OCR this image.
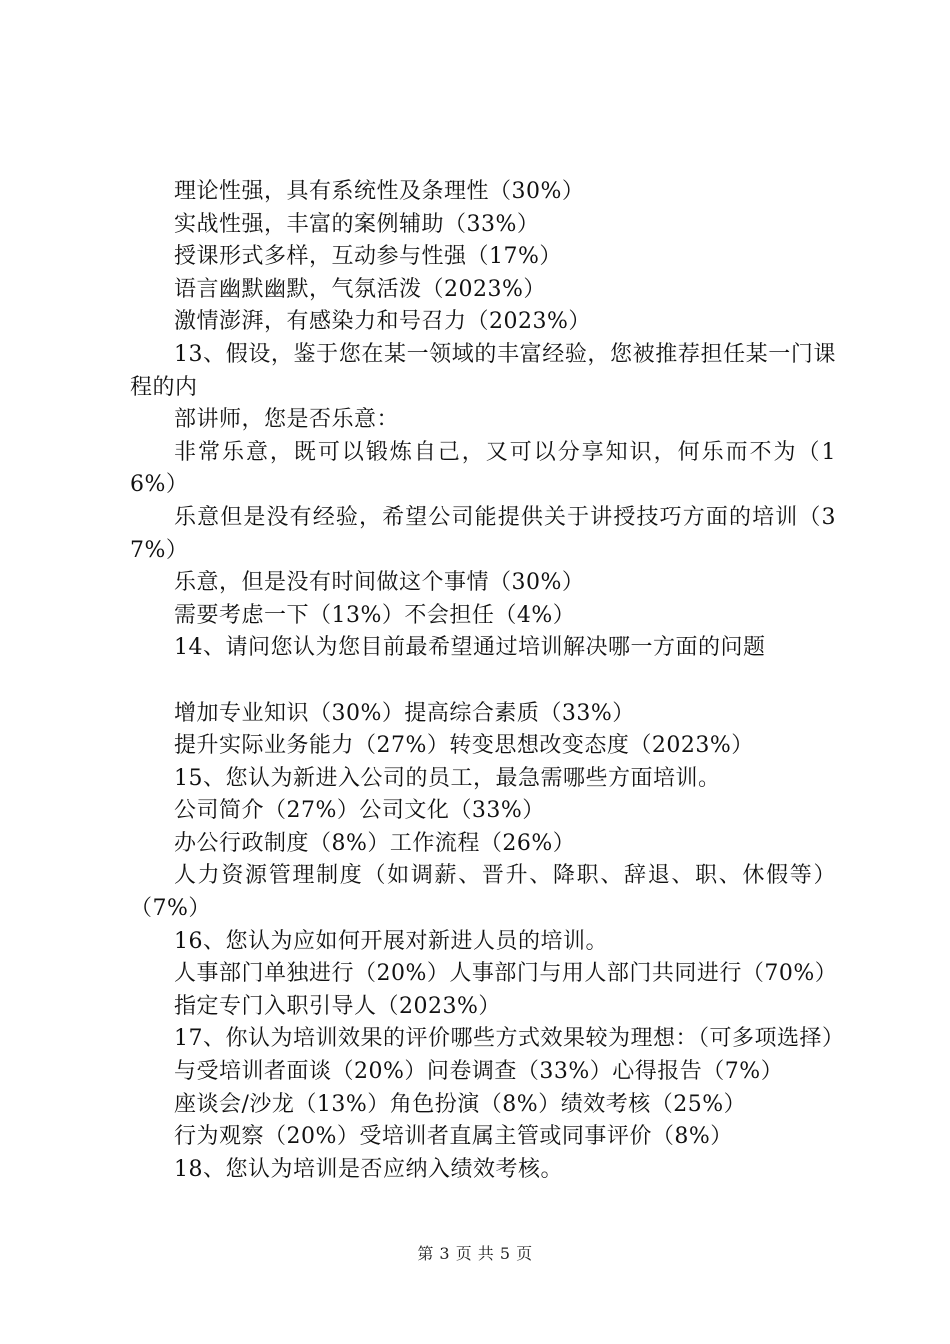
理论性强，具有系统性及条理性（30%）

实战性强，丰富的案例辅助（33%）

授课形式多样，互动参与性强（17%）

语言幽默幽默，气氛活泼（2023%）

激情澎湃，有感染力和号召力（2023%）

13、假设，鉴于您在某一领域的丰富经验，您被推荐担任某一门课程的内

部讲师，您是否乐意：

非常乐意，既可以锻炼自己，又可以分享知识，何乐而不为（16%）

乐意但是没有经验，希望公司能提供关于讲授技巧方面的培训（37%）

乐意，但是没有时间做这个事情（30%）

需要考虑一下（13%）不会担任（4%）

14、请问您认为您目前最希望通过培训解决哪一方面的问题

增加专业知识（30%）提高综合素质（33%）

提升实际业务能力（27%）转变思想改变态度（2023%）

15、您认为新进入公司的员工，最急需哪些方面培训。

公司简介（27%）公司文化（33%）

办公行政制度（8%）工作流程（26%）

人力资源管理制度（如调薪、晋升、降职、辞退、职、休假等）（7%）

16、您认为应如何开展对新进人员的培训。

人事部门单独进行（20%）人事部门与用人部门共同进行（70%）

指定专门入职引导人（2023%）

17、你认为培训效果的评价哪些方式效果较为理想：（可多项选择）

与受培训者面谈（20%）问卷调查（33%）心得报告（7%）

座谈会/沙龙（13%）角色扮演（8%）绩效考核（25%）

行为观察（20%）受培训者直属主管或同事评价（8%）

18、您认为培训是否应纳入绩效考核。

第 3 页 共 5 页
